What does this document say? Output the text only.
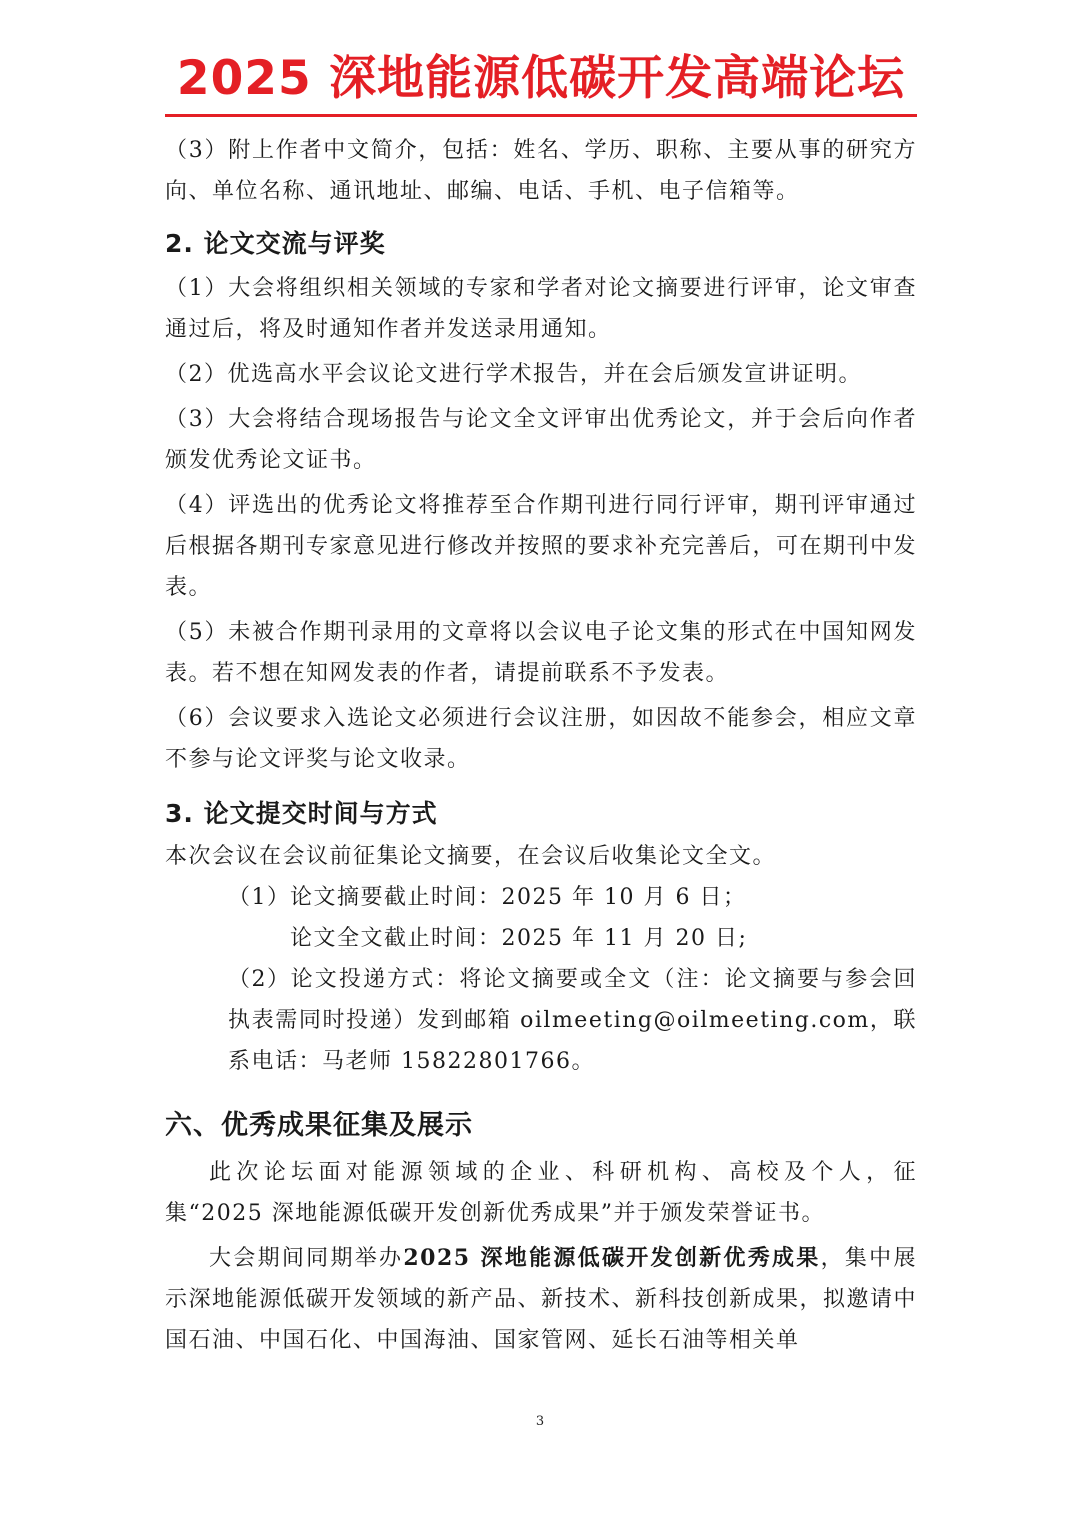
2025 深地能源低碳开发高端论坛

（3）附上作者中文简介，包括：姓名、学历、职称、主要从事的研究方向、单位名称、通讯地址、邮编、电话、手机、电子信箱等。

2. 论文交流与评奖

（1）大会将组织相关领域的专家和学者对论文摘要进行评审，论文审查通过后，将及时通知作者并发送录用通知。

（2）优选高水平会议论文进行学术报告，并在会后颁发宣讲证明。

（3）大会将结合现场报告与论文全文评审出优秀论文，并于会后向作者颁发优秀论文证书。

（4）评选出的优秀论文将推荐至合作期刊进行同行评审，期刊评审通过后根据各期刊专家意见进行修改并按照的要求补充完善后，可在期刊中发表。

（5）未被合作期刊录用的文章将以会议电子论文集的形式在中国知网发表。若不想在知网发表的作者，请提前联系不予发表。

（6）会议要求入选论文必须进行会议注册，如因故不能参会，相应文章不参与论文评奖与论文收录。

3. 论文提交时间与方式

本次会议在会议前征集论文摘要，在会议后收集论文全文。

（1）论文摘要截止时间：2025 年 10 月 6 日；

论文全文截止时间：2025 年 11 月 20 日;

（2）论文投递方式：将论文摘要或全文（注：论文摘要与参会回执表需同时投递）发到邮箱 oilmeeting@oilmeeting.com，联系电话：马老师 15822801766。

六、优秀成果征集及展示

此次论坛面对能源领域的企业、科研机构、高校及个人，征集“2025 深地能源低碳开发创新优秀成果”并于颁发荣誉证书。

大会期间同期举办2025 深地能源低碳开发创新优秀成果，集中展示深地能源低碳开发领域的新产品、新技术、新科技创新成果，拟邀请中国石油、中国石化、中国海油、国家管网、延长石油等相关单

3
